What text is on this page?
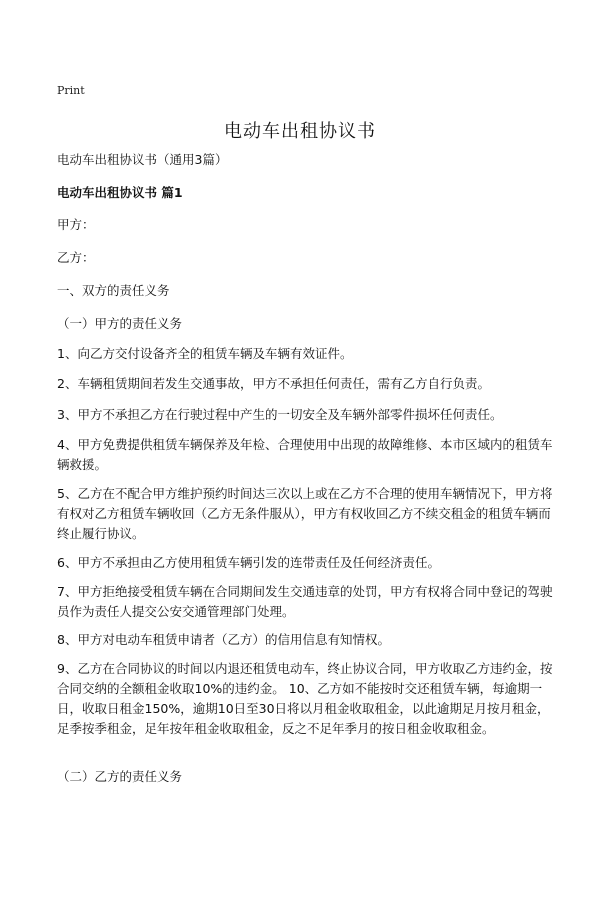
Print
电动车出租协议书

电动车出租协议书（通用3篇）

电动车出租协议书 篇1

甲方：

乙方：

一、双方的责任义务

（一）甲方的责任义务

1、向乙方交付设备齐全的租赁车辆及车辆有效证件。

2、车辆租赁期间若发生交通事故，甲方不承担任何责任，需有乙方自行负责。

3、甲方不承担乙方在行驶过程中产生的一切安全及车辆外部零件损坏任何责任。

4、甲方免费提供租赁车辆保养及年检、合理使用中出现的故障维修、本市区域内的租赁车辆救援。

5、乙方在不配合甲方维护预约时间达三次以上或在乙方不合理的使用车辆情况下，甲方将有权对乙方租赁车辆收回（乙方无条件服从），甲方有权收回乙方不续交租金的租赁车辆而终止履行协议。

6、甲方不承担由乙方使用租赁车辆引发的连带责任及任何经济责任。

7、甲方拒绝接受租赁车辆在合同期间发生交通违章的处罚，甲方有权将合同中登记的驾驶员作为责任人提交公安交通管理部门处理。

8、甲方对电动车租赁申请者（乙方）的信用信息有知情权。

9、乙方在合同协议的时间以内退还租赁电动车，终止协议合同，甲方收取乙方违约金，按合同交纳的全额租金收取10%的违约金。 10、乙方如不能按时交还租赁车辆，每逾期一日，收取日租金150%，逾期10日至30日将以月租金收取租金，以此逾期足月按月租金，足季按季租金，足年按年租金收取租金，反之不足年季月的按日租金收取租金。

（二）乙方的责任义务
